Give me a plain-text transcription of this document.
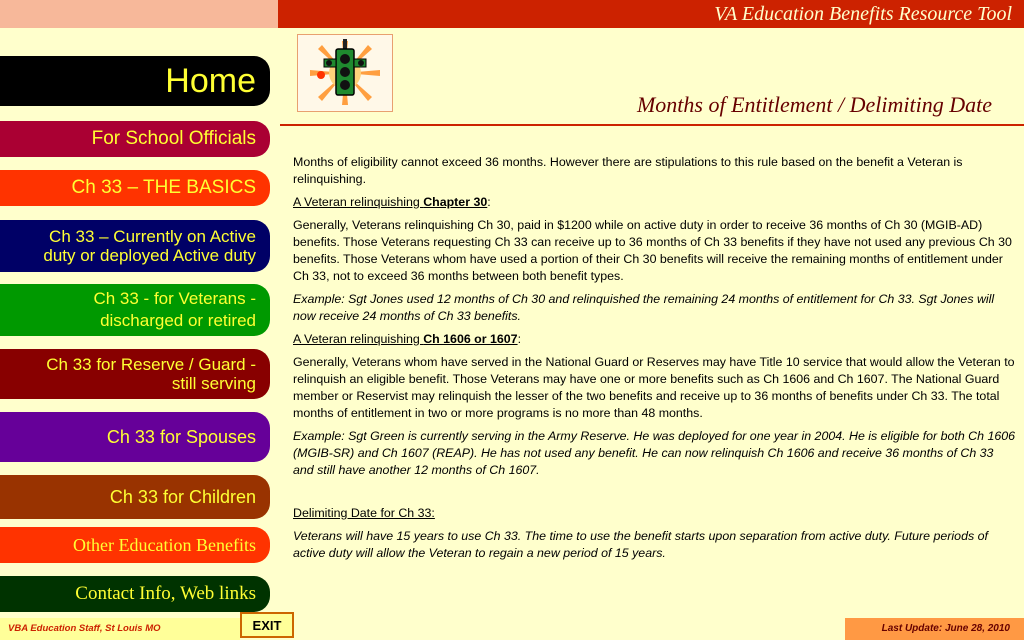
VA Education Benefits Resource Tool
Home
For School Officials
Ch 33 – THE BASICS
Ch 33 – Currently on Active
duty or deployed Active duty
Ch 33 - for Veterans -
discharged or retired
Ch 33 for Reserve / Guard -
still serving
Ch 33 for Spouses
Ch 33 for Children
Other Education Benefits
Contact Info, Web links
Months of Entitlement / Delimiting Date

Months of eligibility cannot exceed 36 months. However there are stipulations to this rule based on the benefit a Veteran is relinquishing.

A Veteran relinquishing Chapter 30:

Generally, Veterans relinquishing Ch 30, paid in $1200 while on active duty in order to receive 36 months of Ch 30 (MGIB-AD) benefits. Those Veterans requesting Ch 33 can receive up to 36 months of Ch 33 benefits if they have not used any previous Ch 30 benefits. Those Veterans whom have used a portion of their Ch 30 benefits will receive the remaining months of entitlement under Ch 33, not to exceed 36 months between both benefit types.

Example: Sgt Jones used 12 months of Ch 30 and relinquished the remaining 24 months of entitlement for Ch 33. Sgt Jones will now receive 24 months of Ch 33 benefits.

A Veteran relinquishing Ch 1606 or 1607:

Generally, Veterans whom have served in the National Guard or Reserves may have Title 10 service that would allow the Veteran to relinquish an eligible benefit. Those Veterans may have one or more benefits such as Ch 1606 and Ch 1607. The National Guard member or Reservist may relinquish the lesser of the two benefits and receive up to 36 months of benefits under Ch 33. The total months of entitlement in two or more programs is no more than 48 months.

Example: Sgt Green is currently serving in the Army Reserve. He was deployed for one year in 2004. He is eligible for both Ch 1606 (MGIB-SR) and Ch 1607 (REAP). He has not used any benefit. He can now relinquish Ch 1606 and receive 36 months of Ch 33 and still have another 12 months of Ch 1607.

Delimiting Date for Ch 33:

Veterans will have 15 years to use Ch 33. The time to use the benefit starts upon separation from active duty. Future periods of active duty will allow the Veteran to regain a new period of 15 years.

VBA Education Staff, St Louis MO	EXIT	Last Update: June 28, 2010
